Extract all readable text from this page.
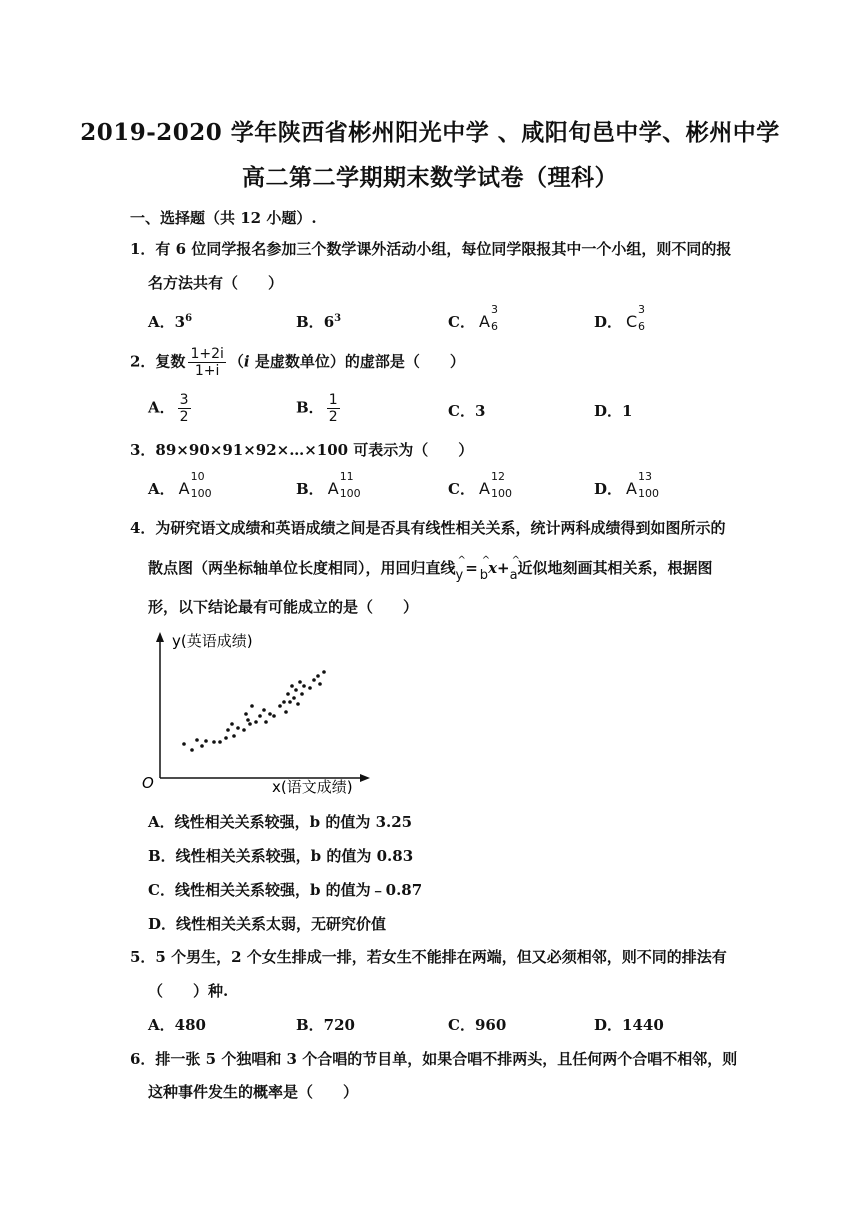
2019-2020 学年陕西省彬州阳光中学 、咸阳旬邑中学、彬州中学
高二第二学期期末数学试卷（理科）
一、选择题（共 12 小题）.
1．有 6 位同学报名参加三个数学课外活动小组，每位同学限报其中一个小组，则不同的报
名方法共有（　　）
A．$3^6$	B．$6^3$	C． A
3
6	D． C
3
6
2．复数 $\frac{1+2i}{1+i} (i$ 是虚数单位）的虚部是（　　）
A． $\frac{3}{2}$	B． $\frac{1}{2}$	C．3	D．1
3．89×90×91×92×…×100 可表示为（　　）
A． A
10
100	B． A
11
100	C． A
12
100	D． A
13
100
4．为研究语文成绩和英语成绩之间是否具有线性相关关系，统计两科成绩得到如图所示的
散点图（两坐标轴单位长度相同），用回归直线 ^
y = ^
bx+ ^
a近似地刻画其相关系，根据图
形，以下结论最有可能成立的是（　　）
y(英语成绩)
x(语文成绩)
O
A．线性相关关系较强，b 的值为 3.25
B．线性相关关系较强，b 的值为 0.83
C．线性相关关系较强，b 的值为﹣0.87
D．线性相关关系太弱，无研究价值
5．5 个男生，2 个女生排成一排，若女生不能排在两端，但又必须相邻，则不同的排法有
（　　）种.
A．480	B．720	C．960	D．1440
6．排一张 5 个独唱和 3 个合唱的节目单，如果合唱不排两头，且任何两个合唱不相邻，则
这种事件发生的概率是（　　）
